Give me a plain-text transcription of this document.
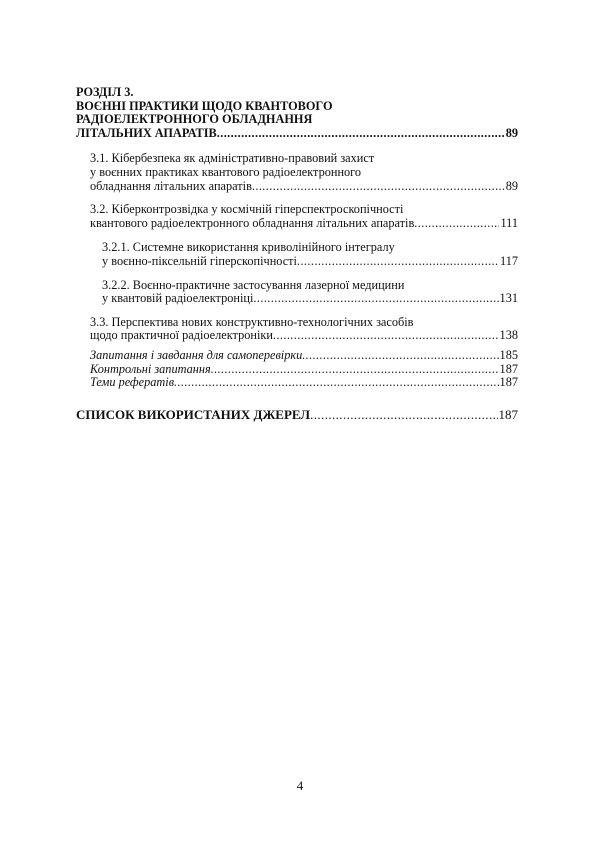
РОЗДІЛ 3.
ВОЄННІ ПРАКТИКИ ЩОДО КВАНТОВОГО
РАДІОЕЛЕКТРОННОГО ОБЛАДНАННЯ
ЛІТАЛЬНИХ АПАРАТІВ .....	89
3.1. Кібербезпека як адміністративно-правовий захист
у воєнних практиках квантового радіоелектронного
обладнання літальних апаратів .....	89
3.2. Кіберконтрозвідка у космічній гіперспектроскопічності
квантового радіоелектронного обладнання літальних апаратів .....	111
3.2.1. Системне використання криволінійного інтегралу
у воєнно-піксельній гіперскопічності .....	117
3.2.2. Воєнно-практичне застосування лазерної медицини
у квантовій радіоелектроніці .....	131
3.3. Перспектива нових конструктивно-технологічних засобів
щодо практичної радіоелектроніки .....	138
Запитання і завдання для самоперевірки .....	185
Контрольні запитання .....	187
Теми рефератів .....	187
СПИСОК ВИКОРИСТАНИХ ДЖЕРЕЛ .....	187
4
